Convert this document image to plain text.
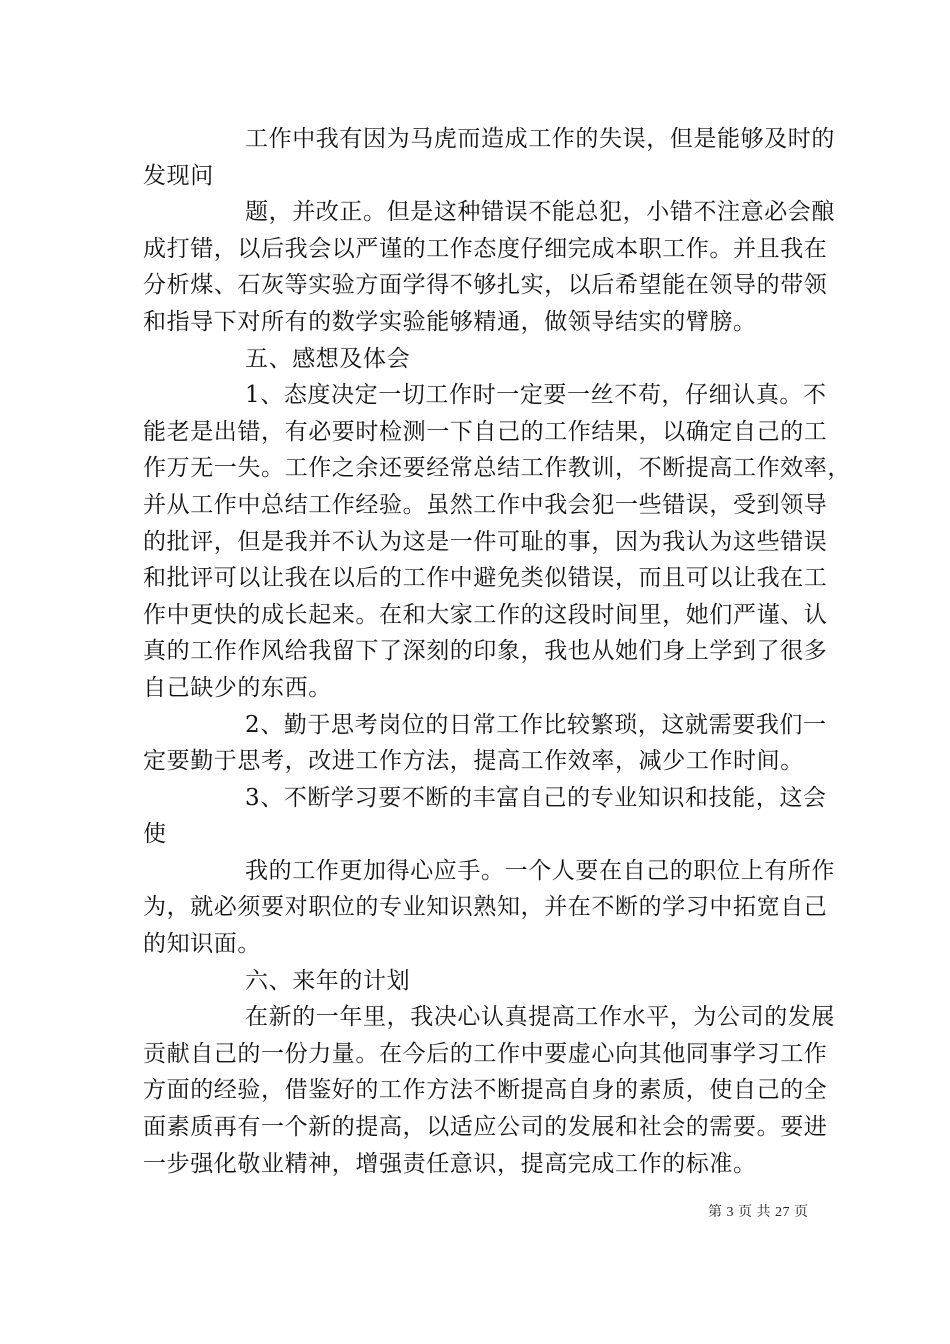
工作中我有因为马虎而造成工作的失误，但是能够及时的
发现问
题，并改正。但是这种错误不能总犯，小错不注意必会酿
成打错，以后我会以严谨的工作态度仔细完成本职工作。并且我在
分析煤、石灰等实验方面学得不够扎实，以后希望能在领导的带领
和指导下对所有的数学实验能够精通，做领导结实的臂膀。
五、感想及体会
1、态度决定一切工作时一定要一丝不苟，仔细认真。不
能老是出错，有必要时检测一下自己的工作结果，以确定自己的工
作万无一失。工作之余还要经常总结工作教训，不断提高工作效率，
并从工作中总结工作经验。虽然工作中我会犯一些错误，受到领导
的批评，但是我并不认为这是一件可耻的事，因为我认为这些错误
和批评可以让我在以后的工作中避免类似错误，而且可以让我在工
作中更快的成长起来。在和大家工作的这段时间里，她们严谨、认
真的工作作风给我留下了深刻的印象，我也从她们身上学到了很多
自己缺少的东西。
2、勤于思考岗位的日常工作比较繁琐，这就需要我们一
定要勤于思考，改进工作方法，提高工作效率，减少工作时间。
3、不断学习要不断的丰富自己的专业知识和技能，这会
使
我的工作更加得心应手。一个人要在自己的职位上有所作
为，就必须要对职位的专业知识熟知，并在不断的学习中拓宽自己
的知识面。
六、来年的计划
在新的一年里，我决心认真提高工作水平，为公司的发展
贡献自己的一份力量。在今后的工作中要虚心向其他同事学习工作
方面的经验，借鉴好的工作方法不断提高自身的素质，使自己的全
面素质再有一个新的提高，以适应公司的发展和社会的需要。要进
一步强化敬业精神，增强责任意识，提高完成工作的标准。
第 3 页 共 27 页
